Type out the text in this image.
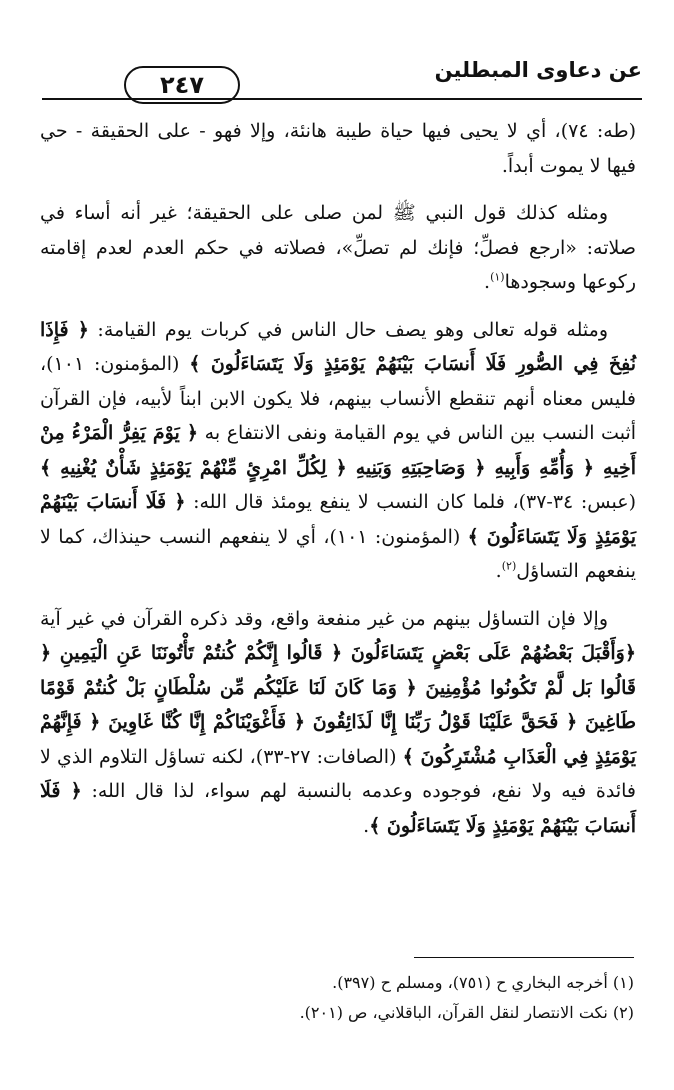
٢٤٧
عن دعاوى المبطلين

(طه: ٧٤)، أي لا يحيى فيها حياة طيبة هانئة، وإلا فهو - على الحقيقة - حي فيها لا يموت أبداً.

ومثله كذلك قول النبي ﷺ لمن صلى على الحقيقة؛ غير أنه أساء في صلاته: «ارجع فصلِّ؛ فإنك لم تصلِّ»، فصلاته في حكم العدم لعدم إقامته ركوعها وسجودها$^{(١)}$.

ومثله قوله تعالى وهو يصف حال الناس في كربات يوم القيامة: ﴿ فَإِذَا نُفِخَ فِي الصُّورِ فَلَا أَنسَابَ بَيْنَهُمْ يَوْمَئِذٍ وَلَا يَتَسَاءَلُونَ ﴾ (المؤمنون: ١٠١)، فليس معناه أنهم تنقطع الأنساب بينهم، فلا يكون الابن ابناً لأبيه، فإن القرآن أثبت النسب بين الناس في يوم القيامة ونفى الانتفاع به ﴿ يَوْمَ يَفِرُّ الْمَرْءُ مِنْ أَخِيهِ ﴿ وَأُمِّهِ وَأَبِيهِ ﴿ وَصَاحِبَتِهِ وَبَنِيهِ ﴿ لِكُلِّ امْرِئٍ مِّنْهُمْ يَوْمَئِذٍ شَأْنٌ يُغْنِيهِ ﴾ (عبس: ٣٤-٣٧)، فلما كان النسب لا ينفع يومئذ قال الله: ﴿ فَلَا أَنسَابَ بَيْنَهُمْ يَوْمَئِذٍ وَلَا يَتَسَاءَلُونَ ﴾ (المؤمنون: ١٠١)، أي لا ينفعهم النسب حينذاك، كما لا ينفعهم التساؤل$^{(٢)}$.

وإلا فإن التساؤل بينهم من غير منفعة واقع، وقد ذكره القرآن في غير آية ﴿وَأَقْبَلَ بَعْضُهُمْ عَلَى بَعْضٍ يَتَسَاءَلُونَ ﴿ قَالُوا إِنَّكُمْ كُنتُمْ تَأْتُونَنَا عَنِ الْيَمِينِ ﴿ قَالُوا بَل لَّمْ تَكُونُوا مُؤْمِنِينَ ﴿ وَمَا كَانَ لَنَا عَلَيْكُم مِّن سُلْطَانٍ بَلْ كُنتُمْ قَوْمًا طَاغِينَ ﴿ فَحَقَّ عَلَيْنَا قَوْلُ رَبِّنَا إِنَّا لَذَائِقُونَ ﴿ فَأَغْوَيْنَاكُمْ إِنَّا كُنَّا غَاوِينَ ﴿ فَإِنَّهُمْ يَوْمَئِذٍ فِي الْعَذَابِ مُشْتَرِكُونَ ﴾ (الصافات: ٢٧-٣٣)، لكنه تساؤل التلاوم الذي لا فائدة فيه ولا نفع، فوجوده وعدمه بالنسبة لهم سواء، لذا قال الله: ﴿ فَلَا أَنسَابَ بَيْنَهُمْ يَوْمَئِذٍ وَلَا يَتَسَاءَلُونَ ﴾.

(١) أخرجه البخاري ح (٧٥١)، ومسلم ح (٣٩٧).
(٢) نكت الانتصار لنقل القرآن، الباقلاني، ص (٢٠١).
